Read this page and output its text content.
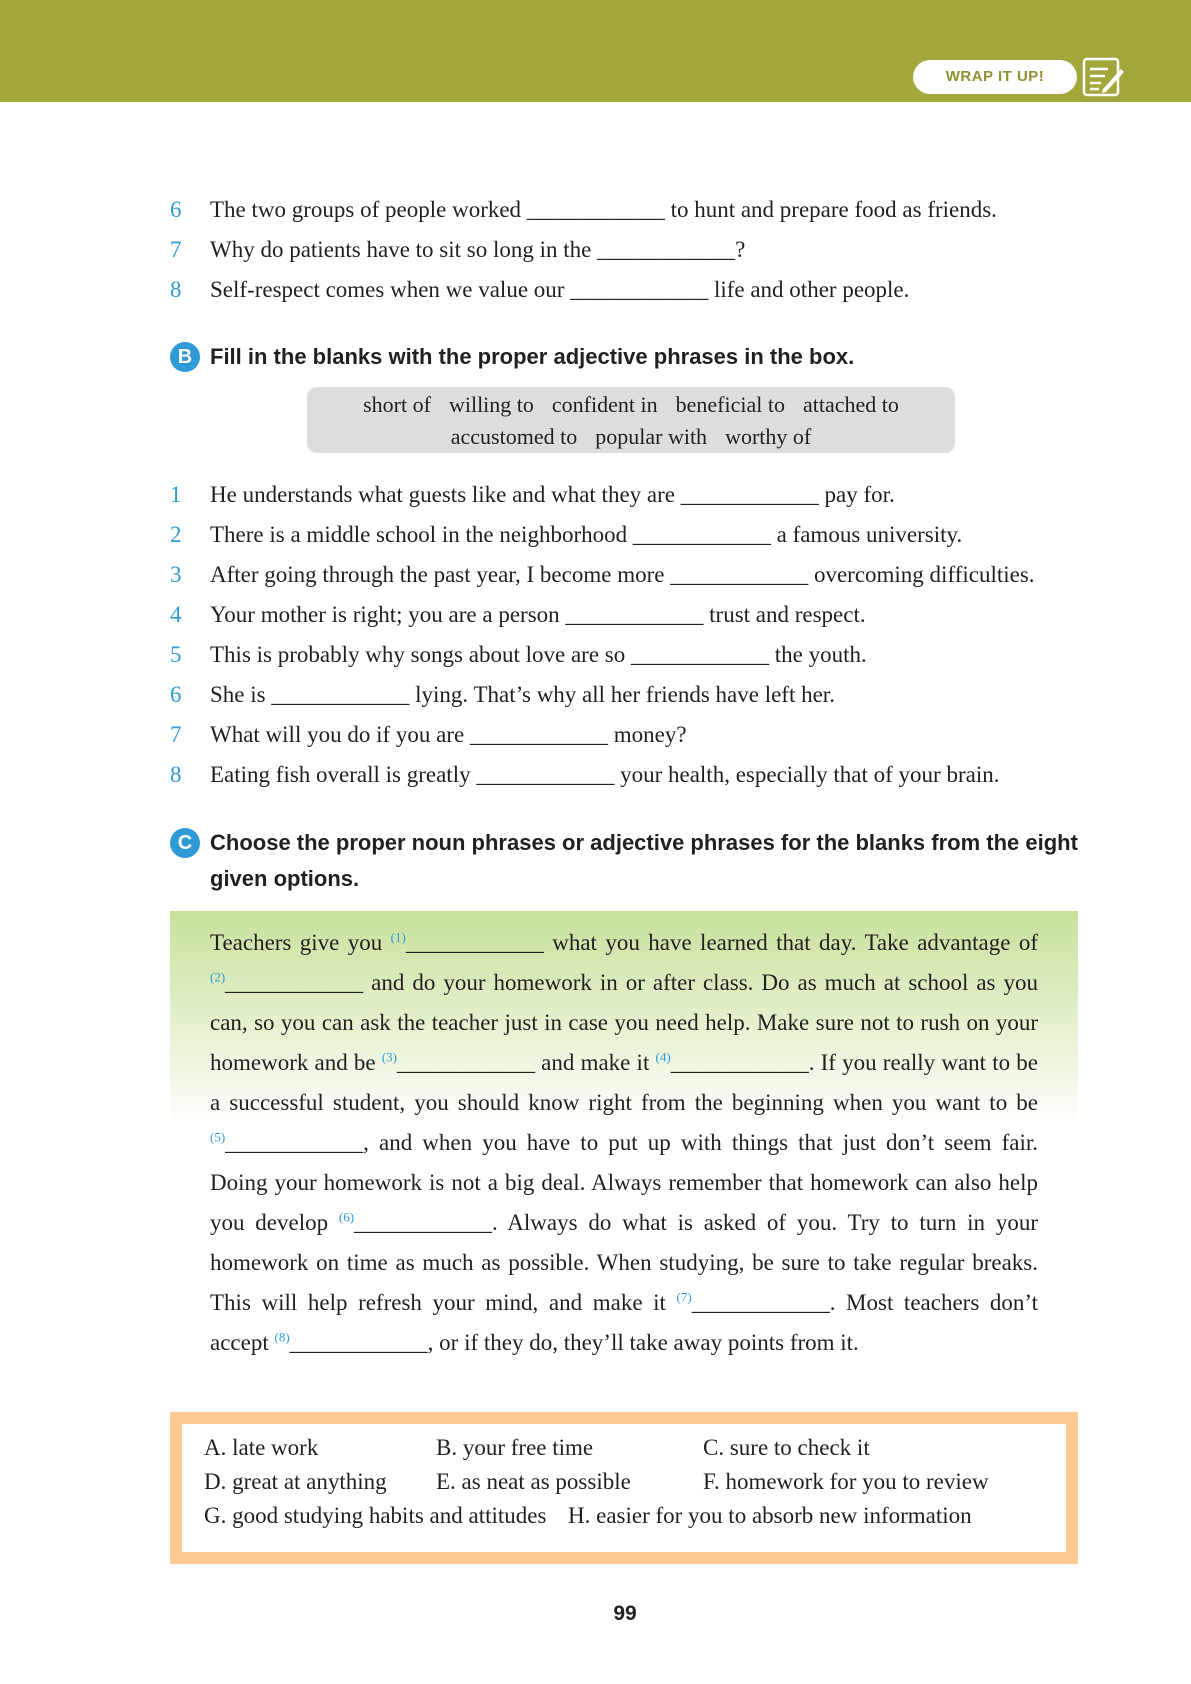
WRAP IT UP!
6 The two groups of people worked ____________ to hunt and prepare food as friends.
7 Why do patients have to sit so long in the ____________?
8 Self-respect comes when we value our ____________ life and other people.
B Fill in the blanks with the proper adjective phrases in the box.
short of willing to confident in beneficial to attached to
accustomed to popular with worthy of
1 He understands what guests like and what they are ____________ pay for.
2 There is a middle school in the neighborhood ____________ a famous university.
3 After going through the past year, I become more ____________ overcoming difficulties.
4 Your mother is right; you are a person ____________ trust and respect.
5 This is probably why songs about love are so ____________ the youth.
6 She is ____________ lying. That’s why all her friends have left her.
7 What will you do if you are ____________ money?
8 Eating fish overall is greatly ____________ your health, especially that of your brain.
C Choose the proper noun phrases or adjective phrases for the blanks from the eight given options.

Teachers give you $^{(1)}$____________ what you have learned that day. Take advantage of $^{(2)}$____________ and do your homework in or after class. Do as much at school as you can, so you can ask the teacher just in case you need help. Make sure not to rush on your homework and be $^{(3)}$____________ and make it $^{(4)}$____________. If you really want to be a successful student, you should know right from the beginning when you want to be $^{(5)}$____________, and when you have to put up with things that just don’t seem fair. Doing your homework is not a big deal. Always remember that homework can also help you develop $^{(6)}$____________. Always do what is asked of you. Try to turn in your homework on time as much as possible. When studying, be sure to take regular breaks. This will help refresh your mind, and make it $^{(7)}$____________. Most teachers don’t accept $^{(8)}$____________, or if they do, they’ll take away points from it.

A. late work	B. your free time	C. sure to check it
D. great at anything E. as neat as possible	F. homework for you to review
G. good studying habits and attitudes H. easier for you to absorb new information
99
